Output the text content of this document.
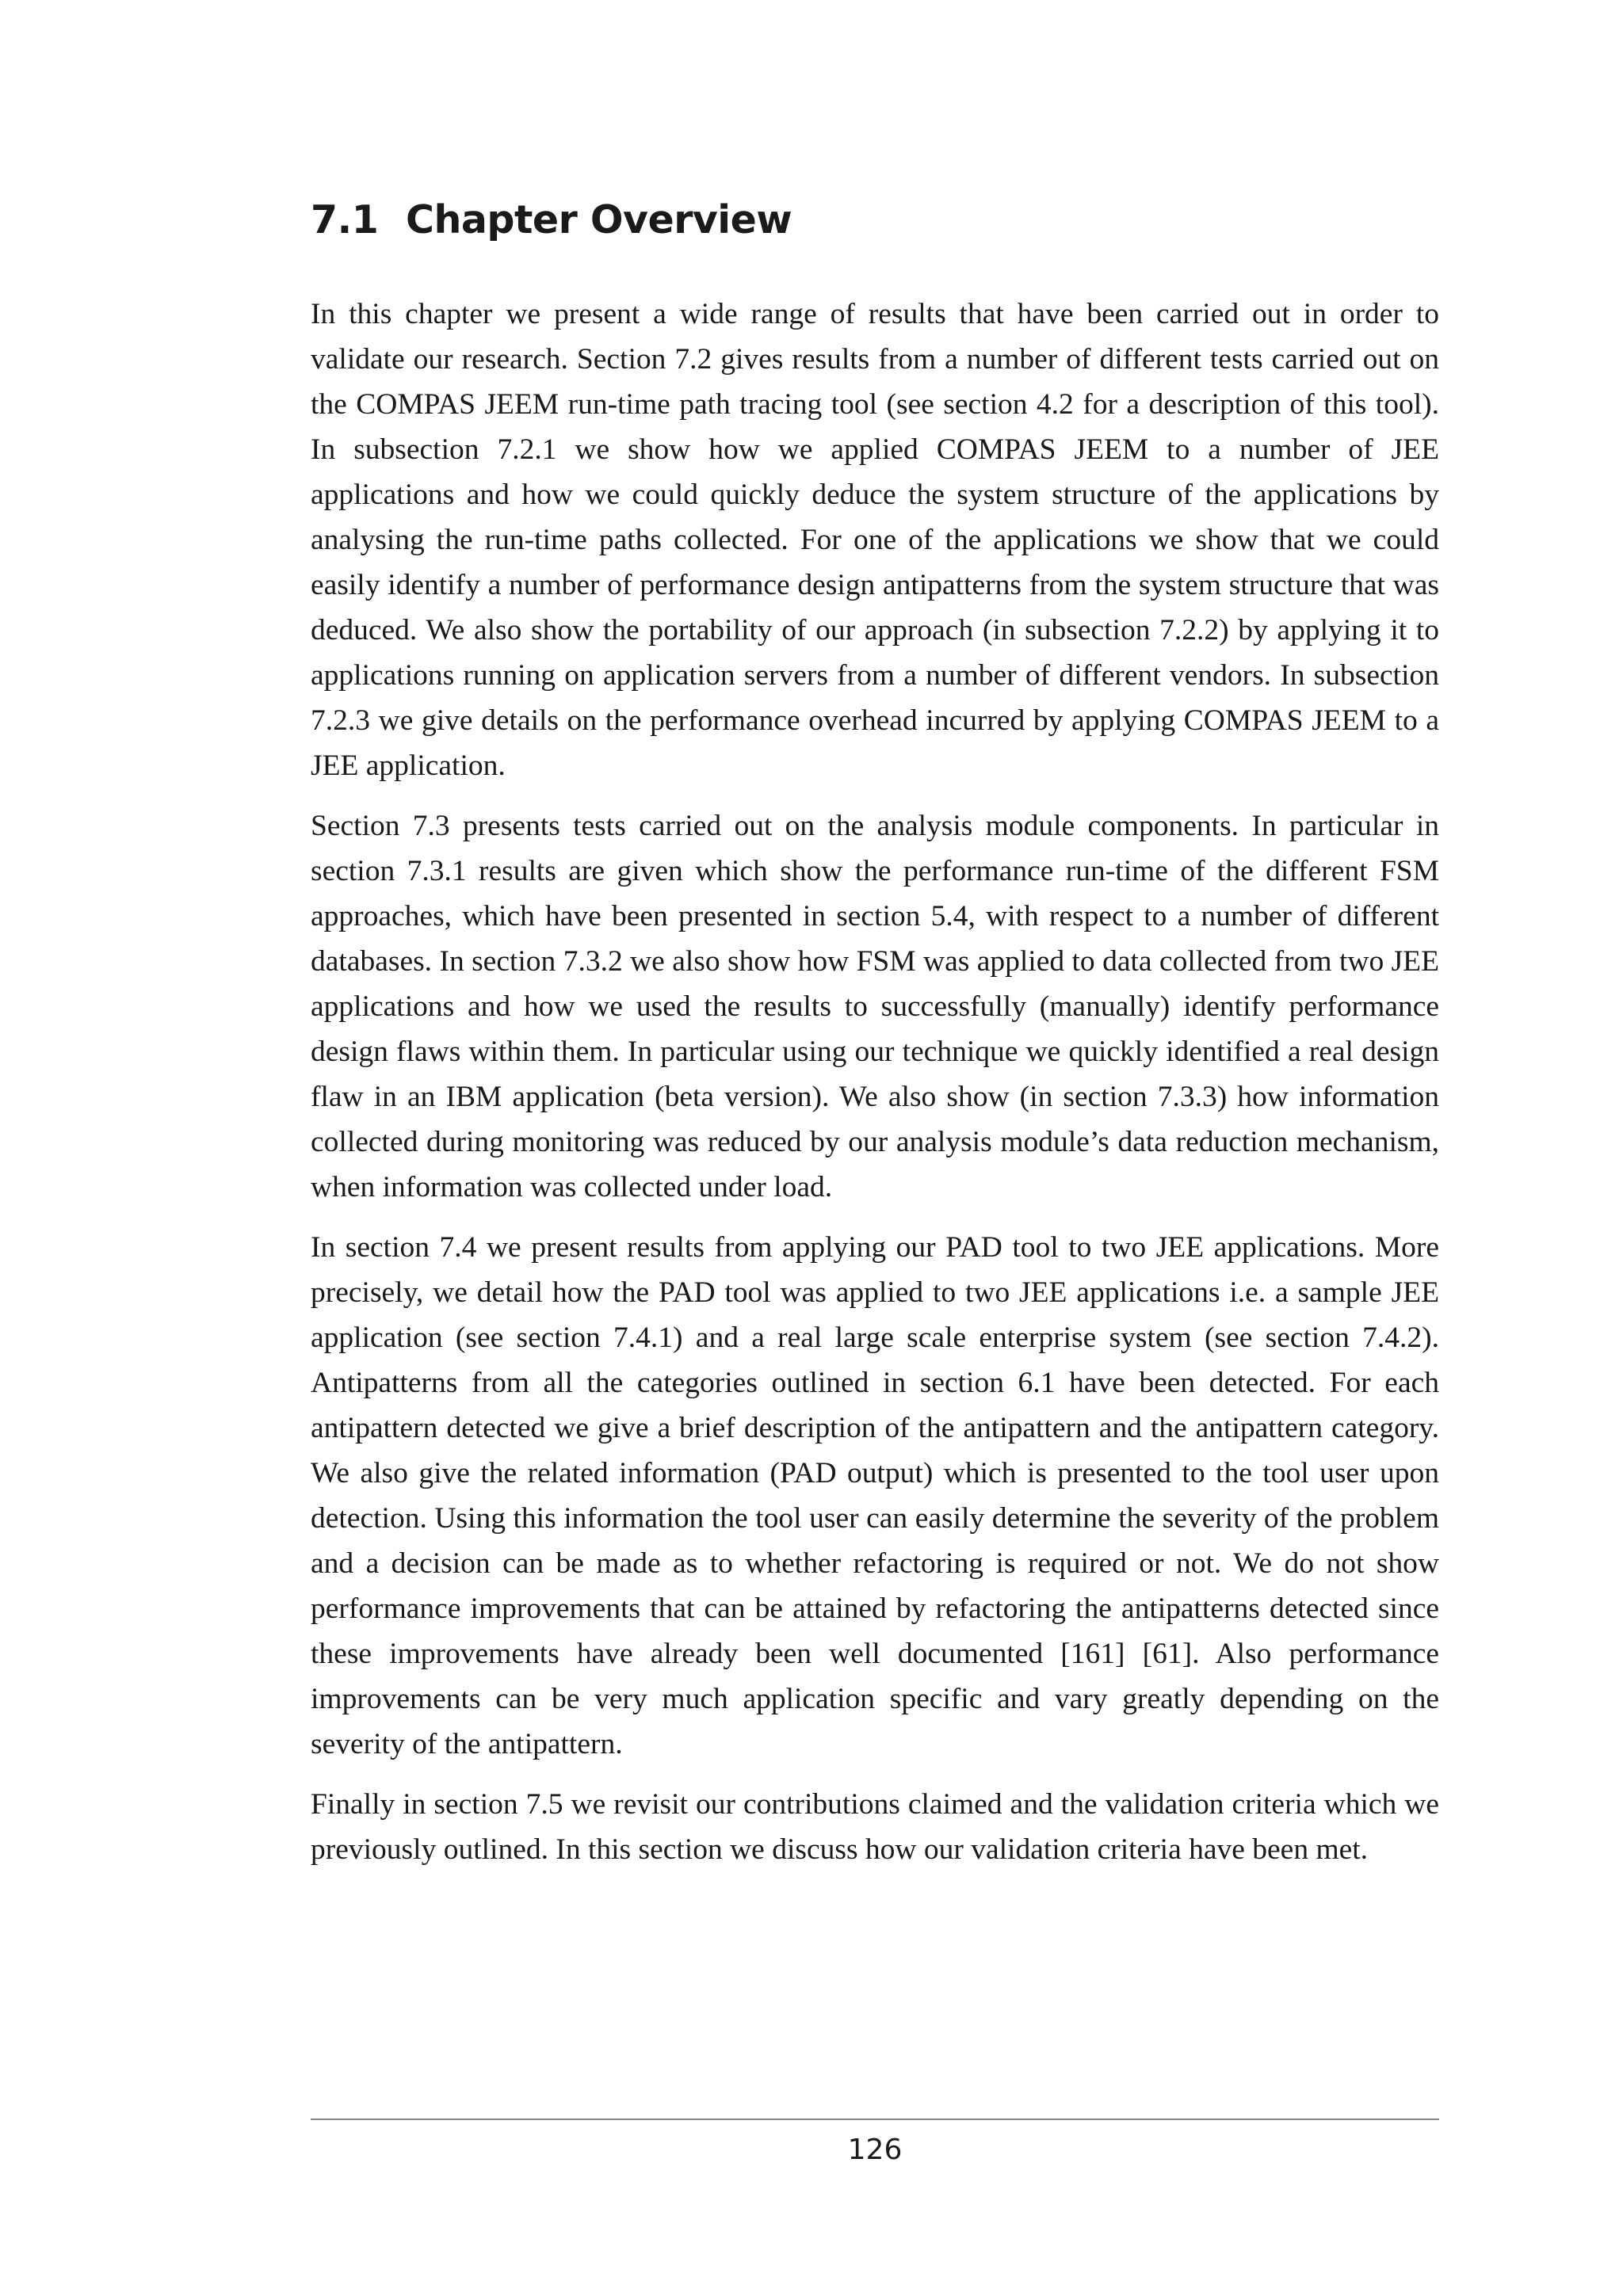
7.1 Chapter Overview

In this chapter we present a wide range of results that have been carried out in order to validate our research. Section 7.2 gives results from a number of different tests carried out on the COMPAS JEEM run-time path tracing tool (see section 4.2 for a description of this tool). In subsection 7.2.1 we show how we applied COMPAS JEEM to a number of JEE applications and how we could quickly deduce the system structure of the applications by analysing the run-time paths collected. For one of the applications we show that we could easily identify a number of performance design antipatterns from the system structure that was deduced. We also show the portability of our approach (in subsection 7.2.2) by applying it to applications running on application servers from a number of different vendors. In subsection 7.2.3 we give details on the performance overhead incurred by applying COMPAS JEEM to a JEE application.

Section 7.3 presents tests carried out on the analysis module components. In particular in section 7.3.1 results are given which show the performance run-time of the different FSM approaches, which have been presented in section 5.4, with respect to a number of different databases. In section 7.3.2 we also show how FSM was applied to data collected from two JEE applications and how we used the results to successfully (manually) identify performance design flaws within them. In particular using our technique we quickly identified a real design flaw in an IBM application (beta version). We also show (in section 7.3.3) how information collected during monitoring was reduced by our analysis module’s data reduction mechanism, when information was collected under load.

In section 7.4 we present results from applying our PAD tool to two JEE applications. More precisely, we detail how the PAD tool was applied to two JEE applications i.e. a sample JEE application (see section 7.4.1) and a real large scale enterprise system (see section 7.4.2). Antipatterns from all the categories outlined in section 6.1 have been detected. For each antipattern detected we give a brief description of the antipattern and the antipattern category. We also give the related information (PAD output) which is presented to the tool user upon detection. Using this information the tool user can easily determine the severity of the problem and a decision can be made as to whether refactoring is required or not. We do not show performance improvements that can be attained by refactoring the antipatterns detected since these improvements have already been well documented [161] [61]. Also performance improvements can be very much application specific and vary greatly depending on the severity of the antipattern.

Finally in section 7.5 we revisit our contributions claimed and the validation criteria which we previously outlined. In this section we discuss how our validation criteria have been met.

126
